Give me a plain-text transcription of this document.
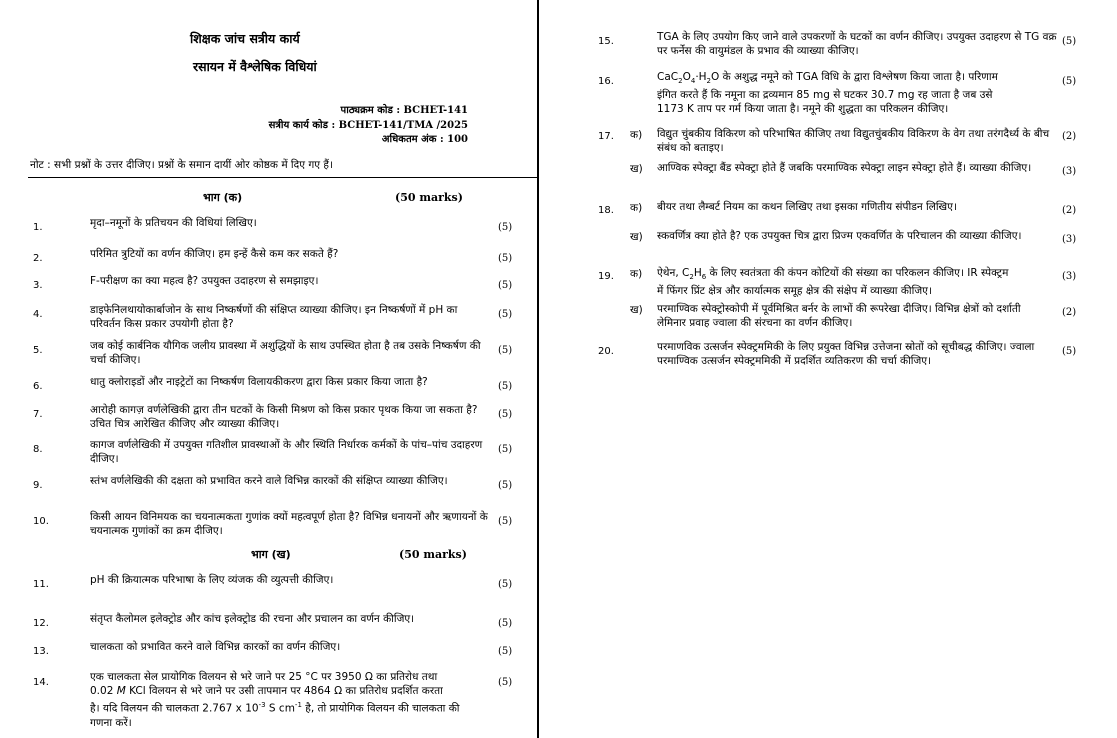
शिक्षक जांच सत्रीय कार्य
रसायन में वैश्लेषिक विधियां
पाठ्यक्रम कोड : BCHET-141
सत्रीय कार्य कोड : BCHET-141/TMA /2025
अधिकतम अंक : 100
नोट : सभी प्रश्नों के उत्तर दीजिए। प्रश्नों के समान दायीं ओर कोष्ठक में दिए गए हैं।
भाग (क)	(50 marks)
1.	मृदा–नमूनों के प्रतिचयन की विधियां लिखिए।	(5)
2.	परिमित त्रुटियों का वर्णन कीजिए। हम इन्हें कैसे कम कर सकते हैं?	(5)
3.	F-परीक्षण का क्या महत्व है? उपयुक्त उदाहरण से समझाइए।	(5)
4.	डाइफेनिलथायोकार्बाजोन के साथ निष्कर्षणों की संक्षिप्त व्याख्या कीजिए। इन निष्कर्षणों में pH का परिवर्तन किस प्रकार उपयोगी होता है?
(5)
5.	जब कोई कार्बनिक यौगिक जलीय प्रावस्था में अशुद्धियों के साथ उपस्थित होता है तब उसके निष्कर्षण की चर्चा कीजिए।
(5)
6.	धातु क्लोराइडों और नाइट्रेटों का निष्कर्षण विलायकीकरण द्वारा किस प्रकार किया जाता है?	(5)
7.	आरोही कागज़ वर्णलेखिकी द्वारा तीन घटकों के किसी मिश्रण को किस प्रकार पृथक किया जा सकता है? उचित चित्र आरेखित कीजिए और व्याख्या कीजिए।
(5)
8.	कागज वर्णलेखिकी में उपयुक्त गतिशील प्रावस्थाओं के और स्थिति निर्धारक कर्मकों के पांच–पांच उदाहरण दीजिए।
(5)
9.	स्तंभ वर्णलेखिकी की दक्षता को प्रभावित करने वाले विभिन्न कारकों की संक्षिप्त व्याख्या कीजिए।	(5)
10.	किसी आयन विनिमयक का चयनात्मकता गुणांक क्यों महत्वपूर्ण होता है? विभिन्न धनायनों और ऋणायनों के चयनात्मक गुणांकों का क्रम दीजिए।
(5)
भाग (ख)	(50 marks)
11.	pH की क्रियात्मक परिभाषा के लिए व्यंजक की व्युत्पत्ती कीजिए।	(5)
12.	संतृप्त कैलोमल इलेक्ट्रोड और कांच इलेक्ट्रोड की रचना और प्रचालन का वर्णन कीजिए।	(5)
13.	चालकता को प्रभावित करने वाले विभिन्न कारकों का वर्णन कीजिए।	(5)
14.	एक चालकता सेल प्रायोगिक विलयन से भरे जाने पर 25 °C पर 3950 Ω का प्रतिरोध तथा
0.02 M KCl विलयन से भरे जाने पर उसी तापमान पर 4864 Ω का प्रतिरोध प्रदर्शित करता
है। यदि विलयन की चालकता 2.767 x $10^{-3}$ S $cm^{-1}$ है, तो प्रायोगिक विलयन की चालकता की
गणना करें।
(5)
15.	TGA के लिए उपयोग किए जाने वाले उपकरणों के घटकों का वर्णन कीजिए। उपयुक्त उदाहरण से TG वक्र पर फर्नेस की वायुमंडल के प्रभाव की व्याख्या कीजिए।
(5)
16.	$CaC_2O_4\cdot H_2O$ के अशुद्ध नमूने को TGA विधि के द्वारा विश्लेषण किया जाता है। परिणाम
इंगित करते हैं कि नमूना का द्रव्यमान 85 mg से घटकर 30.7 mg रह जाता है जब उसे
1173 K ताप पर गर्म किया जाता है। नमूने की शुद्धता का परिकलन कीजिए।
(5)
17. क) विद्युत चुंबकीय विकिरण को परिभाषित कीजिए तथा विद्युतचुंबकीय विकिरण के वेग तथा तरंगदैर्ध्य के बीच संबंध को बताइए।
(2)
ख) आण्विक स्पेक्ट्रा बैंड स्पेक्ट्रा होते हैं जबकि परमाण्विक स्पेक्ट्रा लाइन स्पेक्ट्रा होते हैं। व्याख्या कीजिए।	(3)
18. क) बीयर तथा लैम्बर्ट नियम का कथन लिखिए तथा इसका गणितीय संपीडन लिखिए।	(2)
ख) स्कवर्णित्र क्या होते है? एक उपयुक्त चित्र द्वारा प्रिज्म एकवर्णित के परिचालन की व्याख्या कीजिए।	(3)
19. क) ऐथेन, $C_2H_6$ के लिए स्वतंत्रता की कंपन कोटियों की संख्या का परिकलन कीजिए। IR स्पेक्ट्रम
में फिंगर प्रिंट क्षेत्र और कार्यात्मक समूह क्षेत्र की संक्षेप में व्याख्या कीजिए।
(3)
ख) परमाण्विक स्पेक्ट्रोस्कोपी में पूर्वमिश्रित बर्नर के लाभों की रूपरेखा दीजिए। विभिन्न क्षेत्रों को दर्शाती लेमिनार प्रवाह ज्वाला की संरचना का वर्णन कीजिए।
(2)
20.	परमाणविक उत्सर्जन स्पेक्ट्रममिकी के लिए प्रयुक्त विभिन्न उत्तेजना स्रोतों को सूचीबद्ध कीजिए। ज्वाला परमाण्विक उत्सर्जन स्पेक्ट्रममिकी में प्रदर्शित व्यतिकरण की चर्चा कीजिए।
(5)
